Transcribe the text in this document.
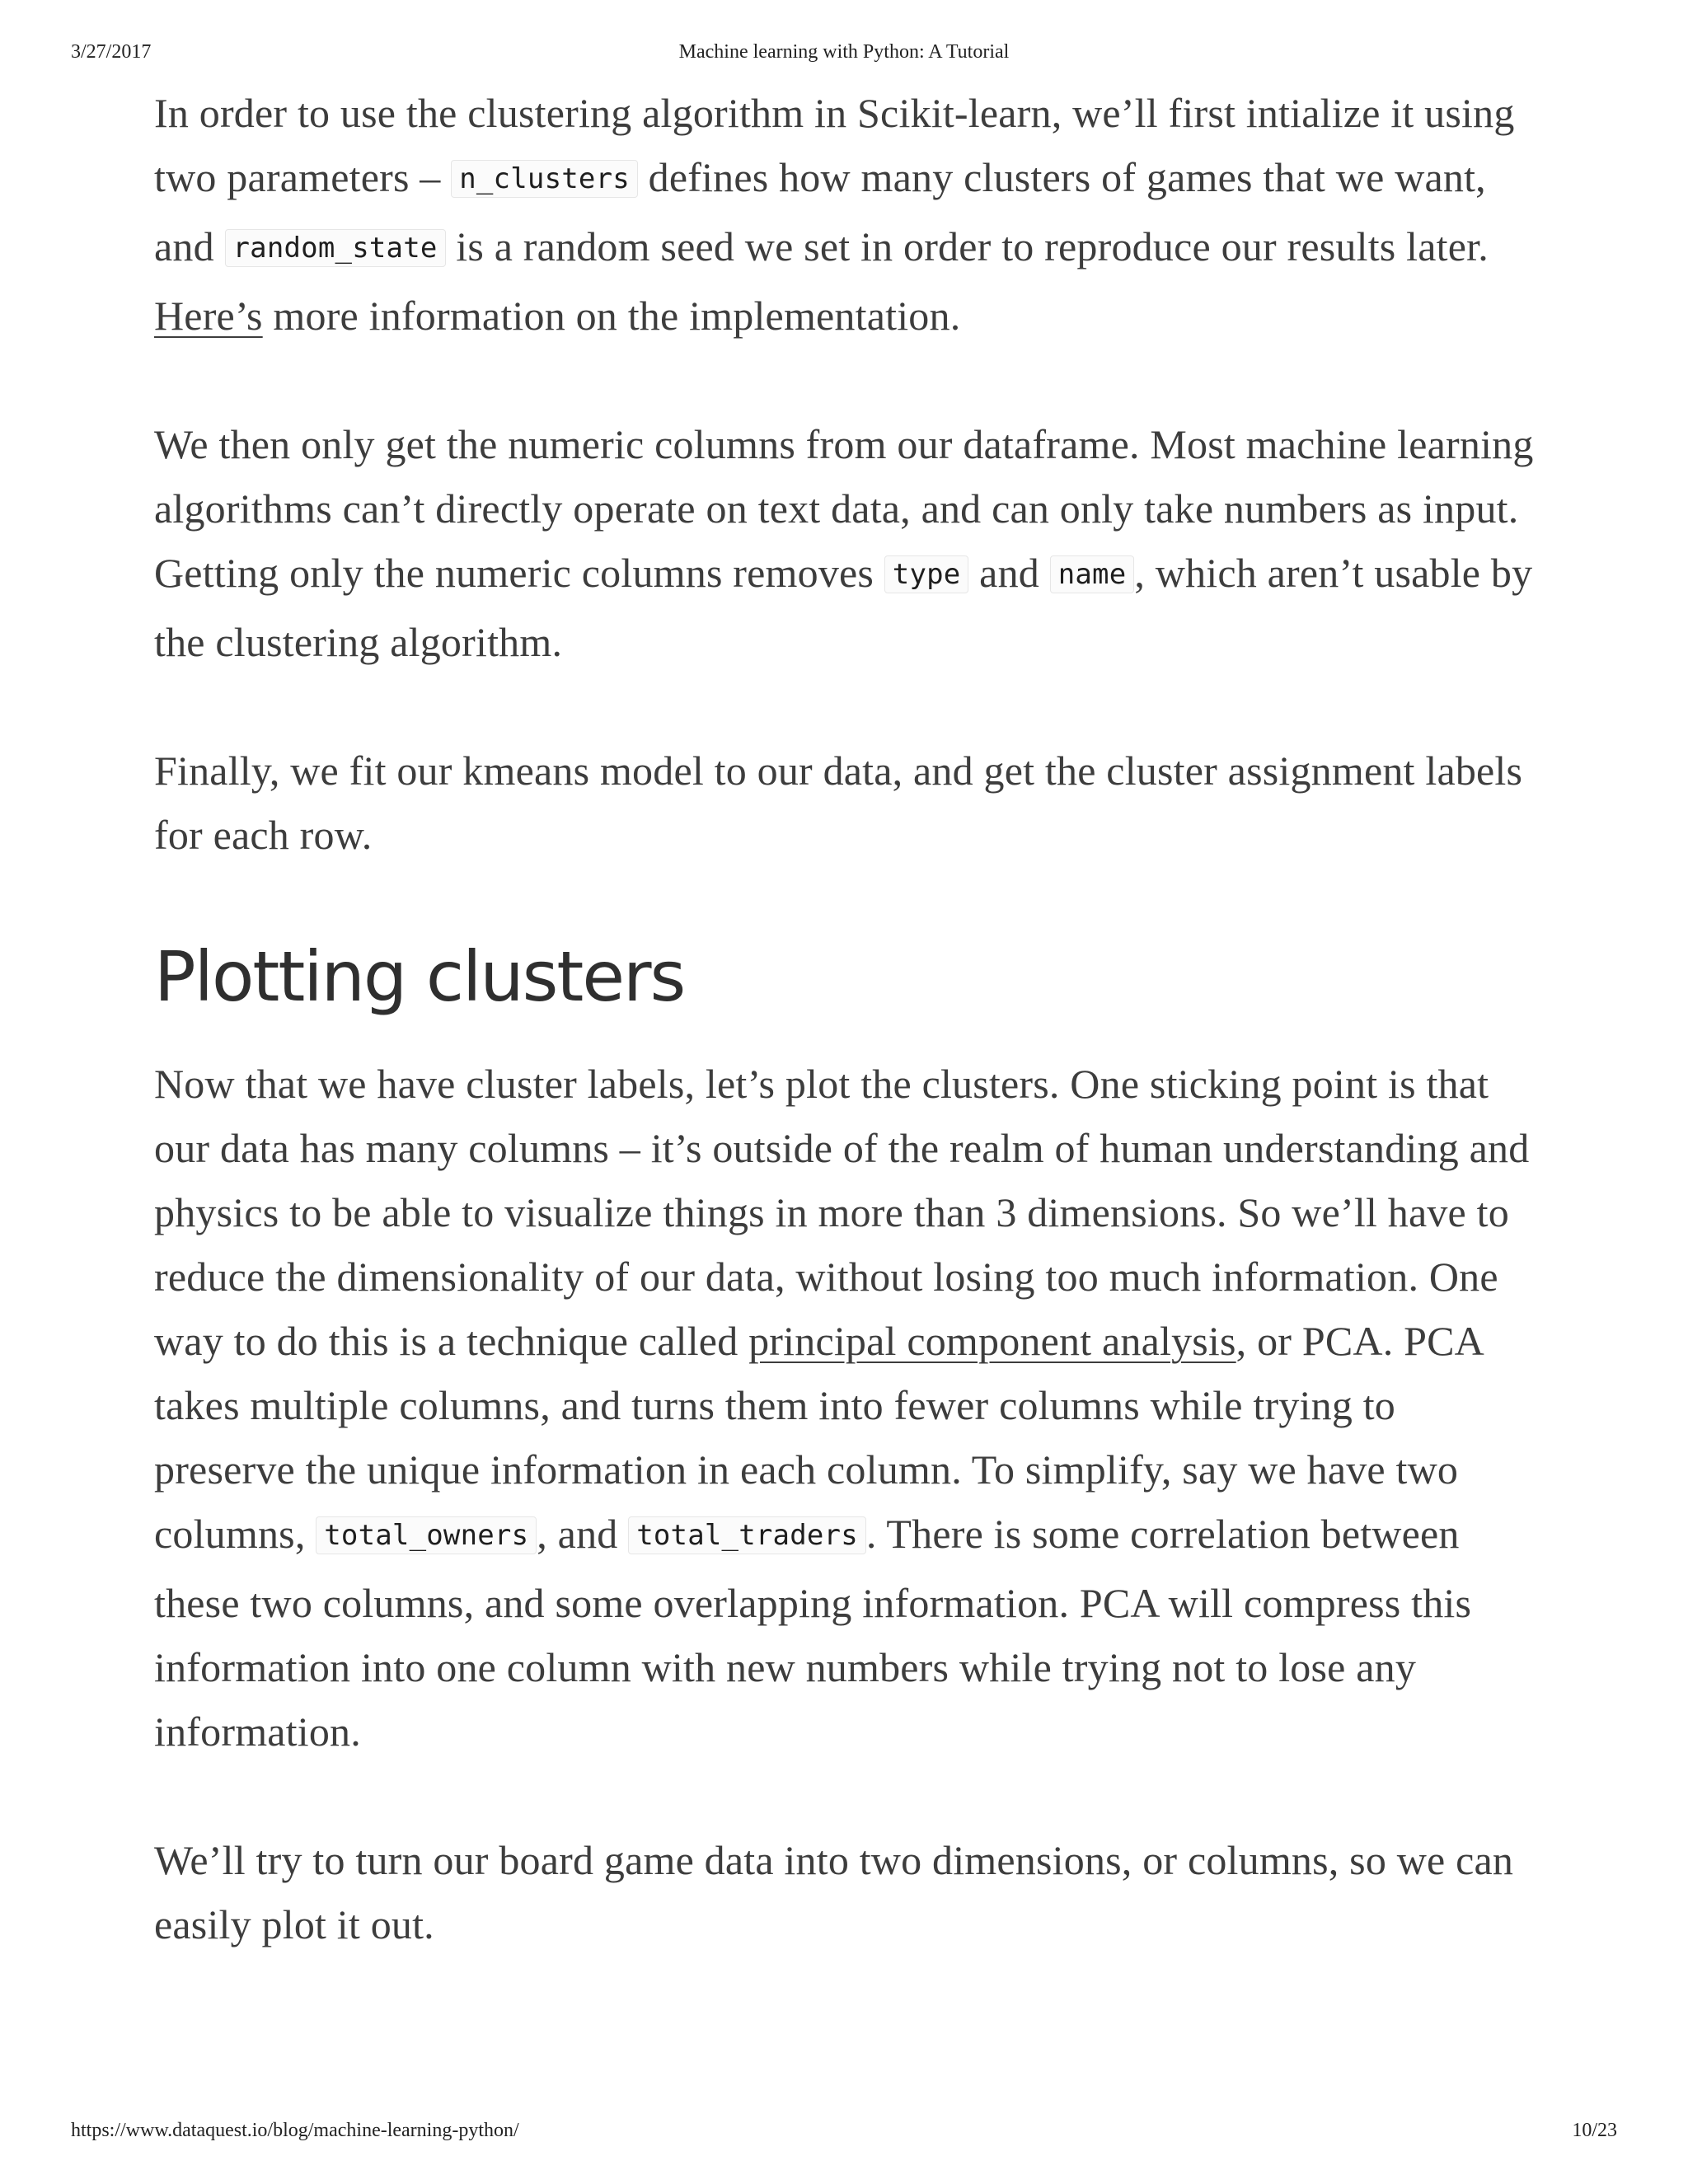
3/27/2017	Machine learning with Python: A Tutorial

In order to use the clustering algorithm in Scikit-learn, we’ll first intialize it using two parameters – n_clusters defines how many clusters of games that we want, and random_state is a random seed we set in order to reproduce our results later. Here’s more information on the implementation.

We then only get the numeric columns from our dataframe. Most machine learning algorithms can’t directly operate on text data, and can only take numbers as input. Getting only the numeric columns removes type and name , which aren’t usable by the clustering algorithm.

Finally, we fit our kmeans model to our data, and get the cluster assignment labels for each row.

Plotting clusters

Now that we have cluster labels, let’s plot the clusters. One sticking point is that our data has many columns – it’s outside of the realm of human understanding and physics to be able to visualize things in more than 3 dimensions. So we’ll have to reduce the dimensionality of our data, without losing too much information. One way to do this is a technique called principal component analysis, or PCA. PCA takes multiple columns, and turns them into fewer columns while trying to preserve the unique information in each column. To simplify, say we have two columns, total_owners , and total_traders . There is some correlation between these two columns, and some overlapping information. PCA will compress this information into one column with new numbers while trying not to lose any information.

We’ll try to turn our board game data into two dimensions, or columns, so we can easily plot it out.

https://www.dataquest.io/blog/machine-learning-python/	10/23
